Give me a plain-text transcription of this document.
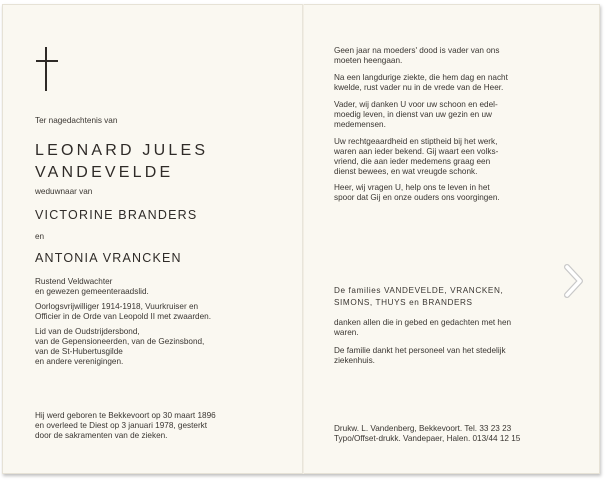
Ter nagedachtenis van
LEONARD JULES
VANDEVELDE
weduwnaar van
VICTORINE BRANDERS
en
ANTONIA VRANCKEN
Rustend Veldwachter
en gewezen gemeenteraadslid.
Oorlogsvrijwilliger 1914-1918, Vuurkruiser en
Officier in de Orde van Leopold II met zwaarden.
Lid van de Oudstrijdersbond,
van de Gepensioneerden, van de Gezinsbond,
van de St-Hubertusgilde
en andere verenigingen.
Hij werd geboren te Bekkevoort op 30 maart 1896
en overleed te Diest op 3 januari 1978, gesterkt
door de sakramenten van de zieken.
Geen jaar na moeders' dood is vader van ons
moeten heengaan.
Na een langdurige ziekte, die hem dag en nacht
kwelde, rust vader nu in de vrede van de Heer.
Vader, wij danken U voor uw schoon en edel-
moedig leven, in dienst van uw gezin en uw
medemensen.
Uw rechtgeaardheid en stiptheid bij het werk,
waren aan ieder bekend. Gij waart een volks-
vriend, die aan ieder medemens graag een
dienst bewees, en wat vreugde schonk.
Heer, wij vragen U, help ons te leven in het
spoor dat Gij en onze ouders ons voorgingen.
De families VANDEVELDE, VRANCKEN,
SIMONS, THUYS en BRANDERS
danken allen die in gebed en gedachten met hen
waren.
De familie dankt het personeel van het stedelijk
ziekenhuis.
Drukw. L. Vandenberg, Bekkevoort. Tel. 33 23 23
Typo/Offset-drukk. Vandepaer, Halen. 013/44 12 15
